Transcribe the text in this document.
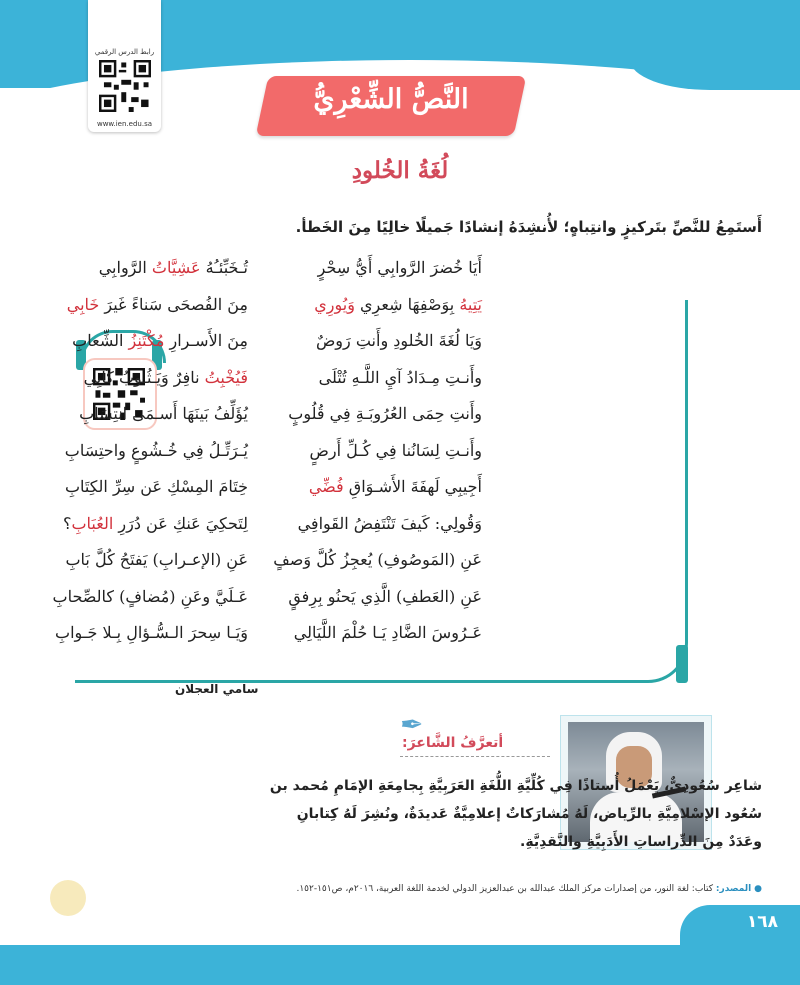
رابط الدرس الرقمي
www.ien.edu.sa
النَّصُّ الشِّعْرِيُّ
لُغَةُ الخُلودِ
أَستَمِعُ للنَّصِّ بتَركيزٍ وانتِباهٍ؛ لأُنشِدَهُ إنشادًا جَميلًا خالِيًا مِنَ الخَطأ.
أَيَا خُضرَ الرَّوابِي أَيُّ سِحْرٍ
تُـخَبِّئـُهُ عَشِيَّاتُ الرَّوابِي
يَتِيهُ بِوَصْفِهَا شِعرِي وَيُورِي
مِنَ الفُصحَى سَناءً غَيرَ خَابِي
وَيَا لُغَةَ الخُلودِ وأَنتِ رَوضٌ
مِنَ الأَسـرارِ مُكْتَنِزُ الشِّعابِ
وأَنـتِ مِـدَادُ آيِ اللَّـهِ تُتْلَى
فَيُخْبِتُ نافِرٌ وَيَـثُـوبُ كَابِي
وأَنتِ حِمَى العُرُوبَـةِ فِي قُلُوبٍ
يُؤَلِّفُ بَينَهَا أَسـمَى انتِسَابِ
وأَنـتِ لِسَانُنا فِي كُـلِّ أَرضٍ
يُـرَتِّـلُ فِي خُـشُوعٍ واحتِسَابِ
أَجِيبِي لَهفَةَ الأَشـوَاقِ فُضِّي
خِتَامَ المِسْكِ عَن سِرِّ الكِتَابِ
وَقُولِي: كَيفَ تَنْتَفِضُ القَوافِي
لِتَحكِيَ عَنكِ عَن دُرَرِ العُبَابِ؟
عَنِ (المَوصُوفِ) يُعجِزُ كُلَّ وَصفٍ
عَنِ (الإعـرابِ) يَفتَحُ كُلَّ بَابِ
عَنِ (العَطفِ) الَّذِي يَحنُو بِرِفقٍ
عَـلَيَّ وعَنِ (مُضافٍ) كالصِّحابِ
عَـرُوسَ الضَّادِ يَـا حُلْمَ اللَّيَالِي
وَيَـا سِحرَ الـسُّـؤالِ بِـلا جَـوابِ
سامي العجلان
✒
أتعرَّفُ الشَّاعرَ:
شاعِر سُعُودِيٌّ، يَعْمَلُ أُستاذًا فِي كُلِّيَّةِ اللُّغَةِ العَرَبِيَّةِ بِجامِعَةِ الإمَامِ مُحمد بن
سُعُود الإسْلامِيَّةِ بالرِّياض، لَهُ مُشارَكاتٌ إعلامِيَّةٌ عَديدَةٌ، ونُشِرَ لَهُ كِتابانِ
وعَدَدٌ مِنَ الدِّراساتِ الأَدَبِيَّةِ والنَّقدِيَّةِ.
● المصدر: كتاب: لغة النور، من إصدارات مركز الملك عبدالله بن عبدالعزيز الدولي لخدمة اللغة العربية، ٢٠١٦م، ص١٥١-١٥٢.
١٦٨
